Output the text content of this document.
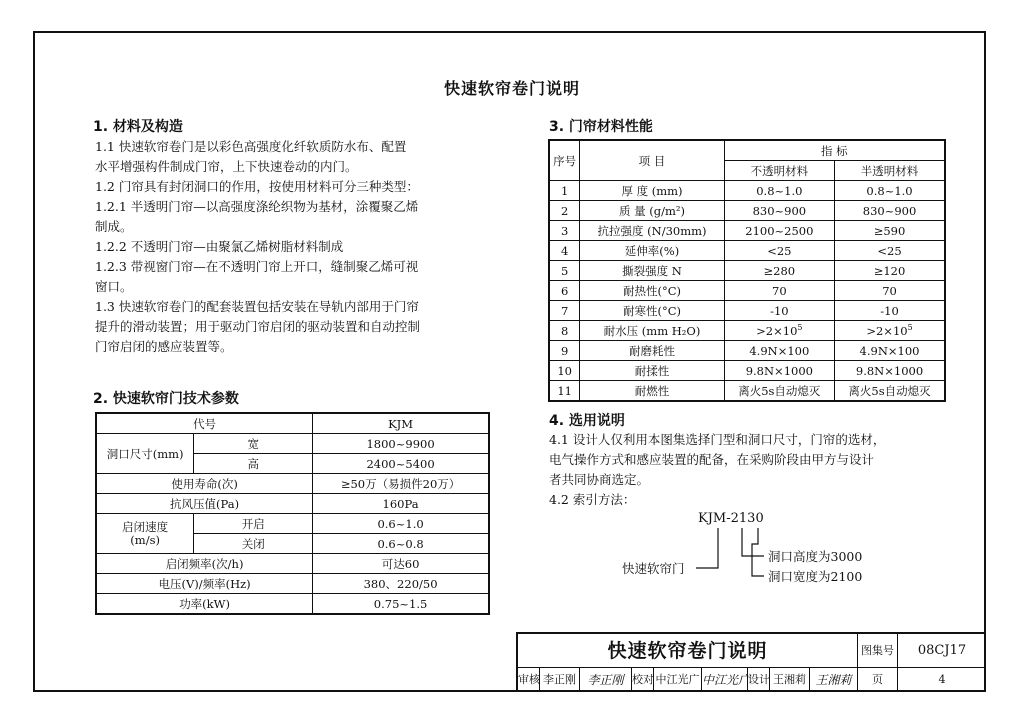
快速软帘卷门说明
1. 材料及构造
1.1 快速软帘卷门是以彩色高强度化纤软质防水布、配置
水平增强构件制成门帘，上下快速卷动的内门。
1.2 门帘具有封闭洞口的作用，按使用材料可分三种类型：
1.2.1 半透明门帘—以高强度涤纶织物为基材，涂覆聚乙烯
制成。
1.2.2 不透明门帘—由聚氯乙烯树脂材料制成
1.2.3 带视窗门帘—在不透明门帘上开口，缝制聚乙烯可视
窗口。
1.3 快速软帘卷门的配套装置包括安装在导轨内部用于门帘
提升的滑动装置；用于驱动门帘启闭的驱动装置和自动控制
门帘启闭的感应装置等。
2. 快速软帘门技术参数
代号		KJM
洞口尺寸(mm)	宽	1800~9900
	高	2400~5400
使用寿命(次)		≥50万（易损件20万）
抗风压值(Pa)		160Pa

启闭速度
(m/s)	开启	0.6~1.0
	关闭	0.6~0.8
启闭频率(次/h)		可达60
电压(V)/频率(Hz)		380、220/50
功率(kW)		0.75~1.5
3. 门帘材料性能
序号	项 目	指 标	
		不透明材料	半透明材料
1	厚 度 (mm)	0.8~1.0	0.8~1.0
2	质 量 (g/m²)	830~900	830~900
3	抗拉强度 (N/30mm)	2100~2500	≥590
4	延伸率(%)	<25	<25
5	撕裂强度 N	≥280	≥120
6	耐热性(°C)	70	70
7	耐寒性(°C)	-10	-10
8	耐水压 (mm H₂O)	$>2\times 10^5$	$>2\times 10^5$
9	耐磨耗性	4.9N×100	4.9N×100
10	耐揉性	9.8N×1000	9.8N×1000
11	耐燃性	离火5s自动熄灭	离火5s自动熄灭
4. 选用说明
4.1 设计人仅利用本图集选择门型和洞口尺寸，门帘的选材，
电气操作方式和感应装置的配备，在采购阶段由甲方与设计
者共同协商选定。
4.2 索引方法：
KJM-2130
快速软帘门
洞口高度为3000
洞口宽度为2100
快速软帘卷门说明	图集号	08CJ17
审核 李正刚 李正刚 校对 中江光广 中江光广
设计 王湘莉 王湘莉	页	4
